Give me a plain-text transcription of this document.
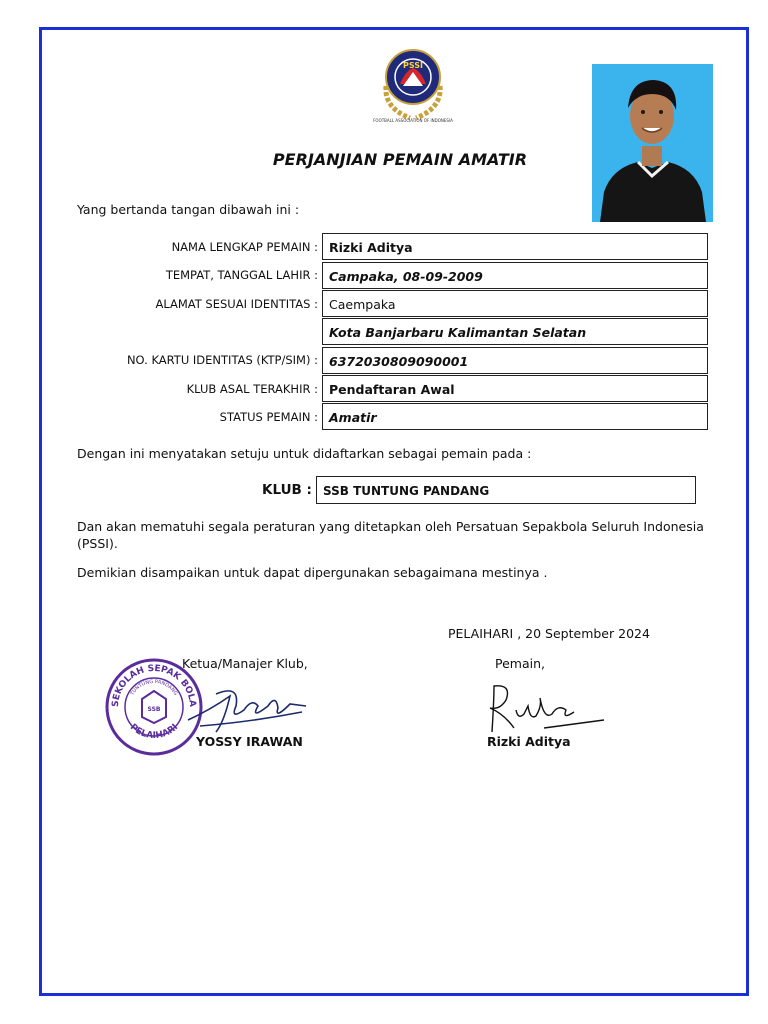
PSSI
FOOTBALL ASSOCIATION OF INDONESIA
PERJANJIAN PEMAIN AMATIR
Yang bertanda tangan dibawah ini :
NAMA LENGKAP PEMAIN :
TEMPAT, TANGGAL LAHIR :
ALAMAT SESUAI IDENTITAS :
NO. KARTU IDENTITAS (KTP/SIM) :
KLUB ASAL TERAKHIR :
STATUS PEMAIN :
Rizki Aditya
Campaka, 08-09-2009
Caempaka
Kota Banjarbaru Kalimantan Selatan
6372030809090001
Pendaftaran Awal
Amatir
Dengan ini menyatakan setuju untuk didaftarkan sebagai pemain pada :
KLUB : SSB TUNTUNG PANDANG
Dan akan mematuhi segala peraturan yang ditetapkan oleh Persatuan Sepakbola Seluruh Indonesia (PSSI).
Demikian disampaikan untuk dapat dipergunakan sebagaimana mestinya .
PELAIHARI , 20 September 2024
Ketua/Manajer Klub,	Pemain,
SEKOLAH SEPAK BOLA
TUNTUNG PANDANG
PELAIHARI
SSB
YOSSY IRAWAN	Rizki Aditya
